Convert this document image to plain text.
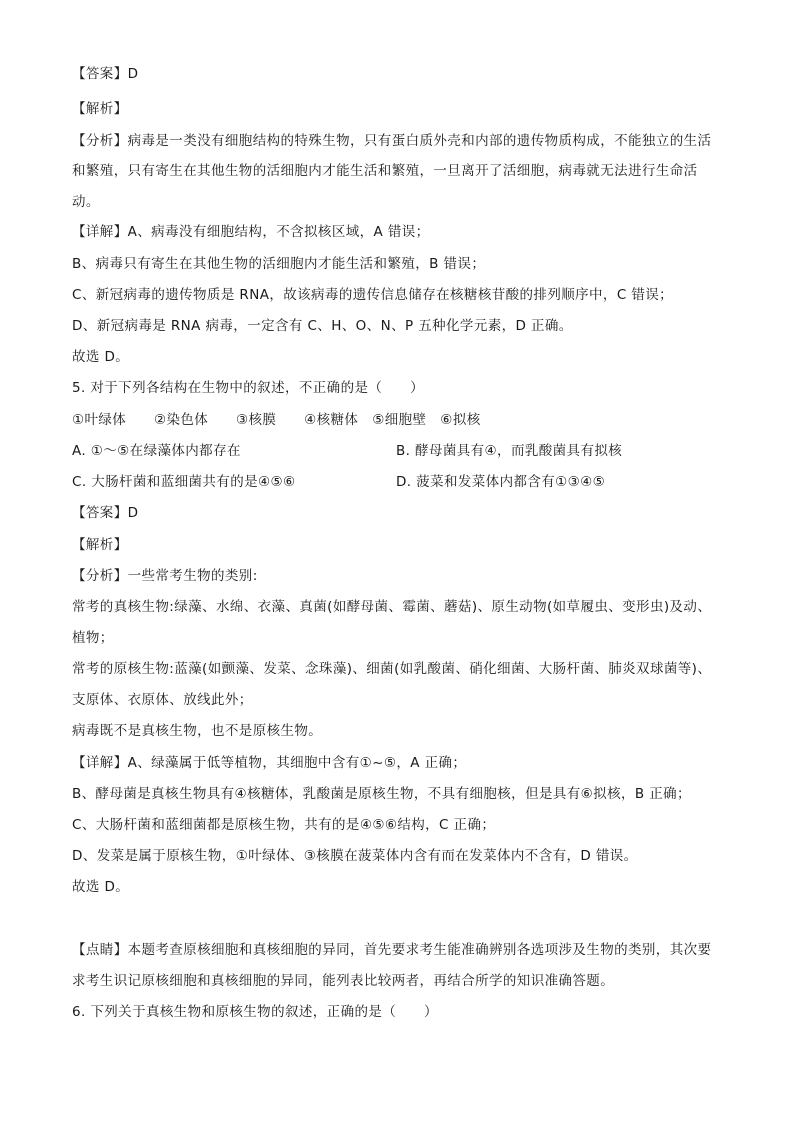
【答案】D
【解析】
【分析】病毒是一类没有细胞结构的特殊生物，只有蛋白质外壳和内部的遗传物质构成，不能独立的生活
和繁殖，只有寄生在其他生物的活细胞内才能生活和繁殖，一旦离开了活细胞，病毒就无法进行生命活
动。
【详解】A、病毒没有细胞结构，不含拟核区域，A 错误；
B、病毒只有寄生在其他生物的活细胞内才能生活和繁殖，B 错误；
C、新冠病毒的遗传物质是 RNA，故该病毒的遗传信息储存在核糖核苷酸的排列顺序中，C 错误；
D、新冠病毒是 RNA 病毒，一定含有 C、H、O、N、P 五种化学元素，D 正确。
故选 D。
5. 对于下列各结构在生物中的叙述，不正确的是（　　）
①叶绿体　　②染色体　　③核膜　　④核糖体　⑤细胞壁　⑥拟核
A. ①～⑤在绿藻体内都存在	B. 酵母菌具有④，而乳酸菌具有拟核
C. 大肠杆菌和蓝细菌共有的是④⑤⑥	D. 菠菜和发菜体内都含有①③④⑤
【答案】D
【解析】
【分析】一些常考生物的类别:
常考的真核生物:绿藻、水绵、衣藻、真菌(如酵母菌、霉菌、蘑菇)、原生动物(如草履虫、变形虫)及动、
植物；
常考的原核生物:蓝藻(如颤藻、发菜、念珠藻)、细菌(如乳酸菌、硝化细菌、大肠杆菌、肺炎双球菌等)、
支原体、衣原体、放线此外；
病毒既不是真核生物，也不是原核生物。
【详解】A、绿藻属于低等植物，其细胞中含有①~⑤，A 正确；
B、酵母菌是真核生物具有④核糖体，乳酸菌是原核生物，不具有细胞核，但是具有⑥拟核，B 正确；
C、大肠杆菌和蓝细菌都是原核生物，共有的是④⑤⑥结构，C 正确；
D、发菜是属于原核生物，①叶绿体、③核膜在菠菜体内含有而在发菜体内不含有，D 错误。
故选 D。
【点睛】本题考查原核细胞和真核细胞的异同，首先要求考生能准确辨别各选项涉及生物的类别，其次要
求考生识记原核细胞和真核细胞的异同，能列表比较两者，再结合所学的知识准确答题。
6. 下列关于真核生物和原核生物的叙述，正确的是（　　）
